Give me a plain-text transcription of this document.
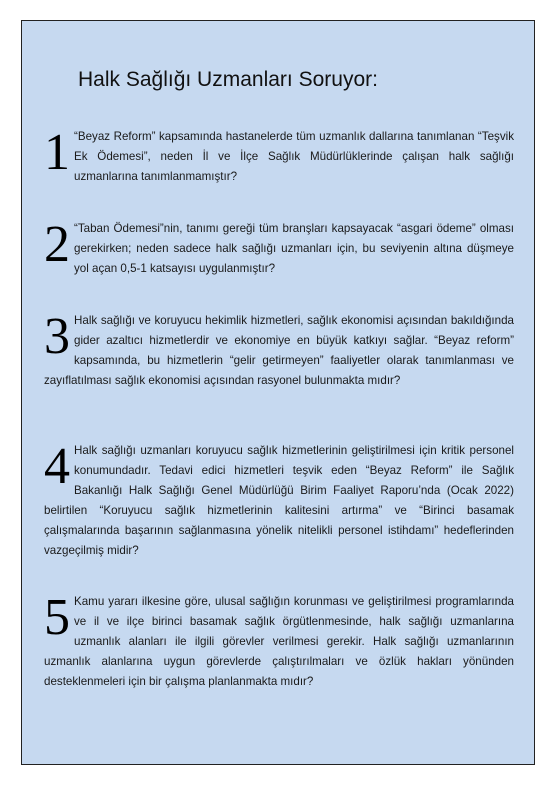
Halk Sağlığı Uzmanları Soruyor:
1 “Beyaz Reform” kapsamında hastanelerde tüm uzmanlık dallarına tanımlanan “Teşvik Ek Ödemesi”, neden İl ve İlçe Sağlık Müdürlüklerinde çalışan halk sağlığı uzmanlarına tanımlanmamıştır?
2 “Taban Ödemesi”nin, tanımı gereği tüm branşları kapsayacak “asgari ödeme” olması gerekirken; neden sadece halk sağlığı uzmanları için, bu seviyenin altına düşmeye yol açan 0,5-1 katsayısı uygulanmıştır?
3 Halk sağlığı ve koruyucu hekimlik hizmetleri, sağlık ekonomisi açısından bakıldığında gider azaltıcı hizmetlerdir ve ekonomiye en büyük katkıyı sağlar. “Beyaz reform” kapsamında, bu hizmetlerin “gelir getirmeyen” faaliyetler olarak tanımlanması ve zayıflatılması sağlık ekonomisi açısından rasyonel bulunmakta mıdır?
4 Halk sağlığı uzmanları koruyucu sağlık hizmetlerinin geliştirilmesi için kritik personel konumundadır. Tedavi edici hizmetleri teşvik eden “Beyaz Reform” ile Sağlık Bakanlığı Halk Sağlığı Genel Müdürlüğü Birim Faaliyet Raporu’nda (Ocak 2022) belirtilen “Koruyucu sağlık hizmetlerinin kalitesini artırma” ve “Birinci basamak çalışmalarında başarının sağlanmasına yönelik nitelikli personel istihdamı” hedeflerinden vazgeçilmiş midir?
5 Kamu yararı ilkesine göre, ulusal sağlığın korunması ve geliştirilmesi programlarında ve il ve ilçe birinci basamak sağlık örgütlenmesinde, halk sağlığı uzmanlarına uzmanlık alanları ile ilgili görevler verilmesi gerekir. Halk sağlığı uzmanlarının uzmanlık alanlarına uygun görevlerde çalıştırılmaları ve özlük hakları yönünden desteklenmeleri için bir çalışma planlanmakta mıdır?
